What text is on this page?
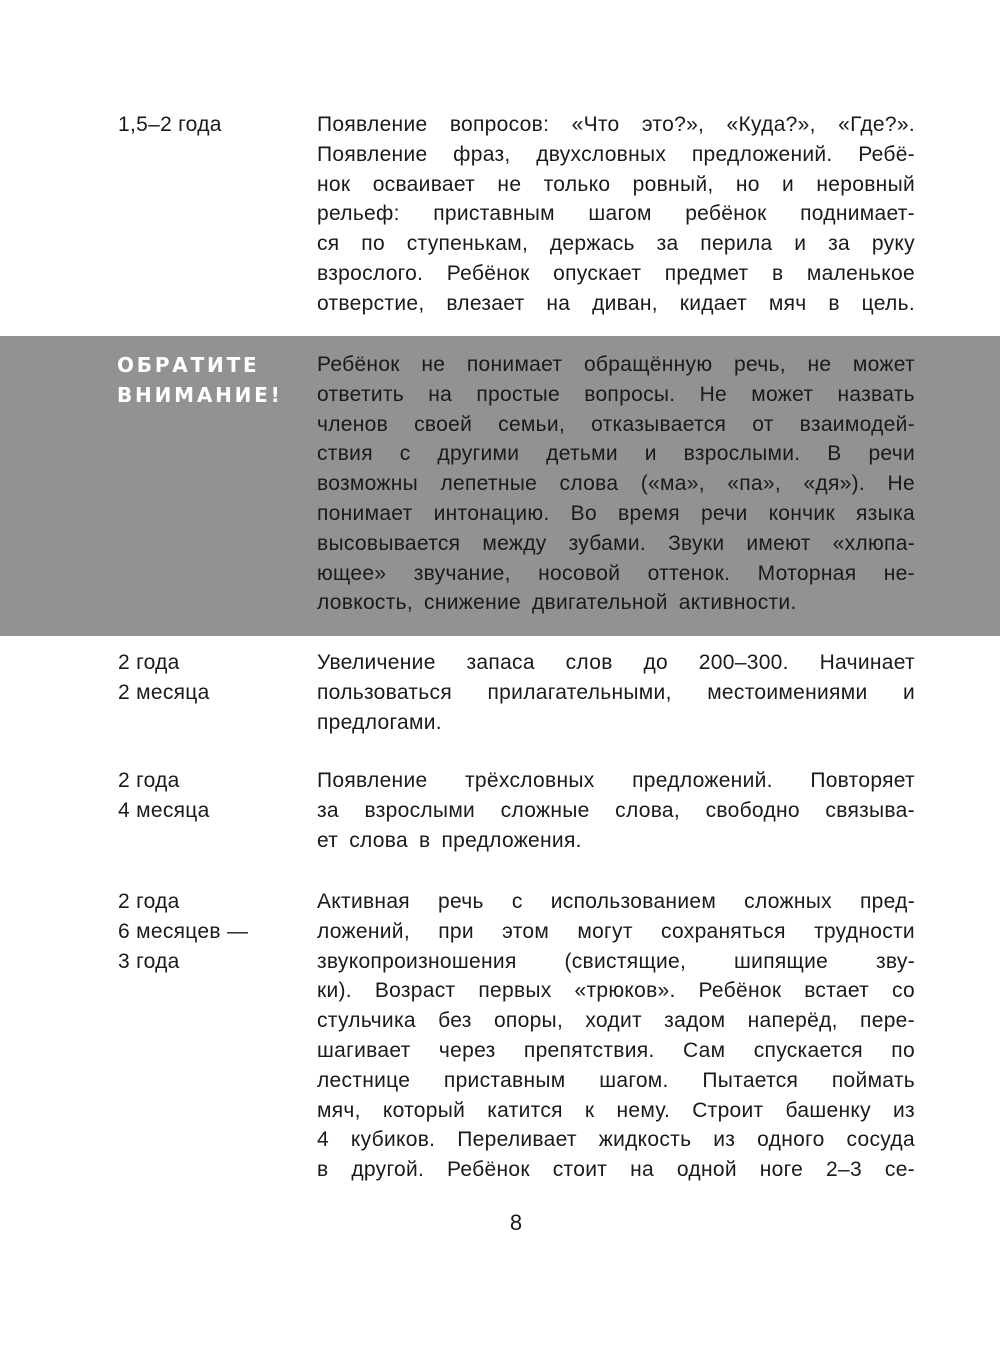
1,5–2 года	Появление вопросов: «Что это?», «Куда?», «Где?».
Появление фраз, двухсловных предложений. Ребё-
нок осваивает не только ровный, но и неровный
рельеф: приставным шагом ребёнок поднимает-
ся по ступенькам, держась за перила и за руку
взрослого. Ребёнок опускает предмет в маленькое
отверстие, влезает на диван, кидает мяч в цель.
ОБРАТИТЕ
ВНИМАНИЕ!
Ребёнок не понимает обращённую речь, не может
ответить на простые вопросы. Не может назвать
членов своей семьи, отказывается от взаимодей-
ствия с другими детьми и взрослыми. В речи
возможны лепетные слова («ма», «па», «дя»). Не
понимает интонацию. Во время речи кончик языка
высовывается между зубами. Звуки имеют «хлюпа-
ющее» звучание, носовой оттенок. Моторная не-
ловкость, снижение двигательной активности.
2 года
2 месяца
Увеличение запаса слов до 200–300. Начинает
пользоваться прилагательными, местоимениями и
предлогами.
2 года
4 месяца
Появление трёхсловных предложений. Повторяет
за взрослыми сложные слова, свободно связыва-
ет слова в предложения.
2 года
6 месяцев —
3 года
Активная речь с использованием сложных пред-
ложений, при этом могут сохраняться трудности
звукопроизношения (свистящие, шипящие зву-
ки). Возраст первых «трюков». Ребёнок встает со
стульчика без опоры, ходит задом наперёд, пере-
шагивает через препятствия. Сам спускается по
лестнице приставным шагом. Пытается поймать
мяч, который катится к нему. Строит башенку из
4 кубиков. Переливает жидкость из одного сосуда
в другой. Ребёнок стоит на одной ноге 2–3 се-
8
